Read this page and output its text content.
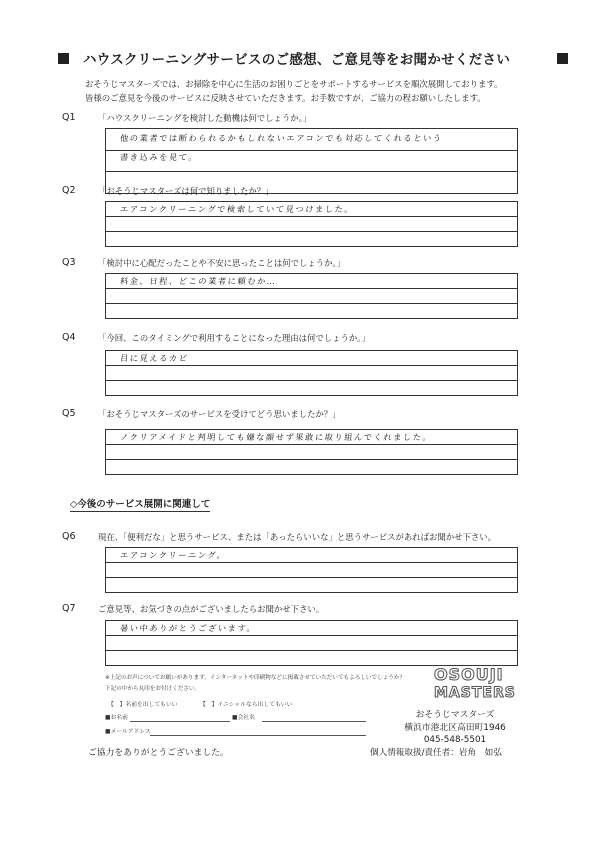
ハウスクリーニングサービスのご感想、ご意見等をお聞かせください
おそうじマスターズでは、お掃除を中心に生活のお困りごとをサポートするサービスを順次展開しております。
皆様のご意見を今後のサービスに反映させていただきます。お手数ですが、ご協力の程お願いしたします。
Q1	「ハウスクリーニングを検討した動機は何でしょうか。」
他の業者では断わられるかもしれないエアコンでも対応してくれるという
書き込みを見て。
Q2	「おそうじマスターズは何で知りましたか？」
エアコンクリーニングで検索していて見つけました。
Q3	「検討中に心配だったことや不安に思ったことは何でしょうか。」
料金、日程、どこの業者に頼むか…
Q4	「今回、このタイミングで利用することになった理由は何でしょうか。」
目に見えるカビ
Q5	「おそうじマスターズのサービスを受けてどう思いましたか？」
ノクリアメイドと判明しても嫌な顔せず果敢に取り組んでくれました。
◇今後のサービス展開に関連して
Q6	現在、「便利だな」と思うサービス、または「あったらいいな」と思うサービスがあればお聞かせ下さい。
エアコンクリーニング。
Q7	ご意見等、お気づきの点がございましたらお聞かせ下さい。
暑い中ありがとうございます。
※上記のお声についてお願いがあります。インターネットや印刷物などに掲載させていただいてもよろしいでしょうか？
下記の中から丸印をお付けください。
【　】名前を出してもいい	【　】イニシャルなら出してもいい
■お名前	■会社名
■メールアドレス
ご協力をありがとうございました。
OSOUJI
MASTERS
おそうじマスターズ
横浜市港北区高田町1946
045-548-5501
個人情報取扱/責任者：岩角　如弘
